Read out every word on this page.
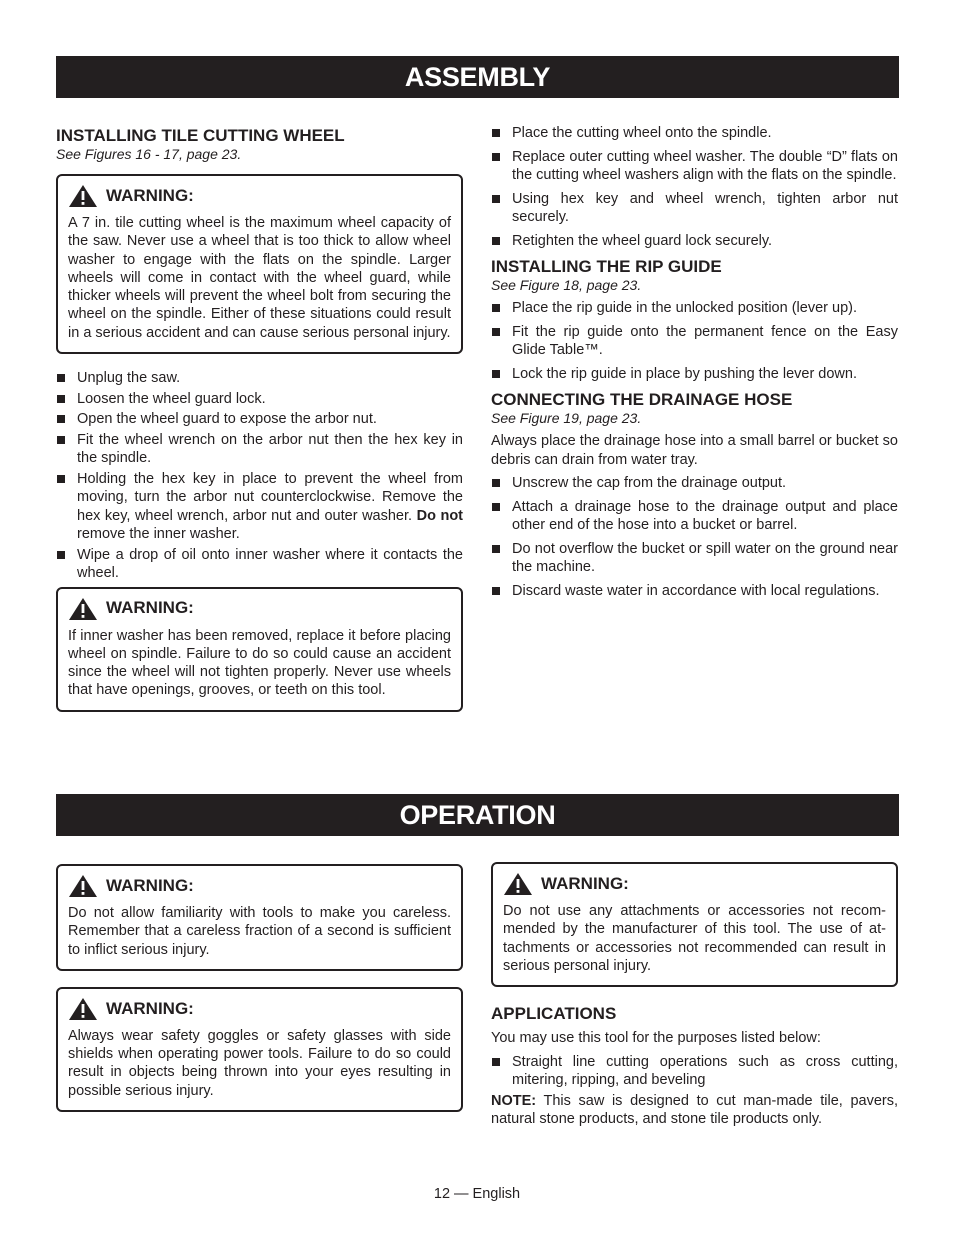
ASSEMBLY
INSTALLING TILE CUTTING WHEEL
See Figures 16 - 17, page 23.
WARNING:

A 7 in. tile cutting wheel is the maximum wheel capacity of the saw. Never use a wheel that is too thick to allow wheel washer to engage with the flats on the spindle. Larger wheels will come in contact with the wheel guard, while thicker wheels will prevent the wheel bolt from securing the wheel on the spindle. Either of these situations could result in a serious accident and can cause serious personal injury.

Unplug the saw.
Loosen the wheel guard lock.
Open the wheel guard to expose the arbor nut.
Fit the wheel wrench on the arbor nut then the hex key in the spindle.
Holding the hex key in place to prevent the wheel from moving, turn the arbor nut counterclockwise. Remove the hex key, wheel wrench, arbor nut and outer washer. Do not remove the inner washer.
Wipe a drop of oil onto inner washer where it contacts the wheel.
WARNING:

If inner washer has been removed, replace it before placing wheel on spindle. Failure to do so could cause an accident since the wheel will not tighten properly. Never use wheels that have openings, grooves, or teeth on this tool.

Place the cutting wheel onto the spindle.
Replace outer cutting wheel washer. The double “D” flats on the cutting wheel washers align with the flats on the spindle.
Using hex key and wheel wrench, tighten arbor nut securely.
Retighten the wheel guard lock securely.
INSTALLING THE RIP GUIDE
See Figure 18, page 23.
Place the rip guide in the unlocked position (lever up).
Fit the rip guide onto the permanent fence on the Easy Glide Table™.
Lock the rip guide in place by pushing the lever down.
CONNECTING THE DRAINAGE HOSE
See Figure 19, page 23.

Always place the drainage hose into a small barrel or bucket so debris can drain from water tray.

Unscrew the cap from the drainage output.
Attach a drainage hose to the drainage output and place other end of the hose into a bucket or barrel.
Do not overflow the bucket or spill water on the ground near the machine.
Discard waste water in accordance with local regulations.
OPERATION
WARNING:

Do not allow familiarity with tools to make you careless. Remember that a careless fraction of a second is sufficient to inflict serious injury.

WARNING:

Always wear safety goggles or safety glasses with side shields when operating power tools. Failure to do so could result in objects being thrown into your eyes resulting in possible serious injury.

WARNING:

Do not use any attachments or accessories not recommended by the manufacturer of this tool. The use of attachments or accessories not recommended can result in serious personal injury.

APPLICATIONS

You may use this tool for the purposes listed below:

Straight line cutting operations such as cross cutting, mitering, ripping, and beveling

NOTE: This saw is designed to cut man-made tile, pavers, natural stone products, and stone tile products only.

12 — English
